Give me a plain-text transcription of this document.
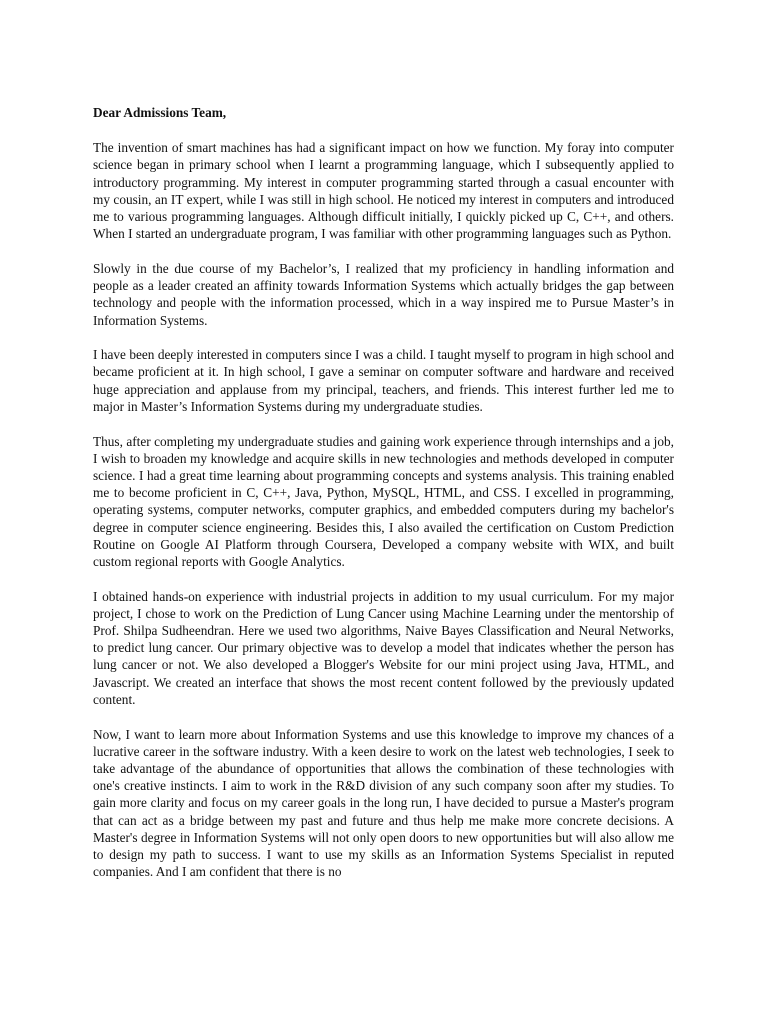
Dear Admissions Team,

The invention of smart machines has had a significant impact on how we function. My foray into computer science began in primary school when I learnt a programming language, which I subsequently applied to introductory programming. My interest in computer programming started through a casual encounter with my cousin, an IT expert, while I was still in high school. He noticed my interest in computers and introduced me to various programming languages. Although difficult initially, I quickly picked up C, C++, and others. When I started an undergraduate program, I was familiar with other programming languages such as Python.

Slowly in the due course of my Bachelor’s, I realized that my proficiency in handling information and people as a leader created an affinity towards Information Systems which actually bridges the gap between technology and people with the information processed, which in a way inspired me to Pursue Master’s in Information Systems.

I have been deeply interested in computers since I was a child. I taught myself to program in high school and became proficient at it. In high school, I gave a seminar on computer software and hardware and received huge appreciation and applause from my principal, teachers, and friends. This interest further led me to major in Master’s Information Systems during my undergraduate studies.

Thus, after completing my undergraduate studies and gaining work experience through internships and a job, I wish to broaden my knowledge and acquire skills in new technologies and methods developed in computer science. I had a great time learning about programming concepts and systems analysis. This training enabled me to become proficient in C, C++, Java, Python, MySQL, HTML, and CSS. I excelled in programming, operating systems, computer networks, computer graphics, and embedded computers during my bachelor's degree in computer science engineering. Besides this, I also availed the certification on Custom Prediction Routine on Google AI Platform through Coursera, Developed a company website with WIX, and built custom regional reports with Google Analytics.

I obtained hands-on experience with industrial projects in addition to my usual curriculum. For my major project, I chose to work on the Prediction of Lung Cancer using Machine Learning under the mentorship of Prof. Shilpa Sudheendran. Here we used two algorithms, Naive Bayes Classification and Neural Networks, to predict lung cancer. Our primary objective was to develop a model that indicates whether the person has lung cancer or not. We also developed a Blogger's Website for our mini project using Java, HTML, and Javascript. We created an interface that shows the most recent content followed by the previously updated content.

Now, I want to learn more about Information Systems and use this knowledge to improve my chances of a lucrative career in the software industry. With a keen desire to work on the latest web technologies, I seek to take advantage of the abundance of opportunities that allows the combination of these technologies with one's creative instincts. I aim to work in the R&D division of any such company soon after my studies. To gain more clarity and focus on my career goals in the long run, I have decided to pursue a Master's program that can act as a bridge between my past and future and thus help me make more concrete decisions. A Master's degree in Information Systems will not only open doors to new opportunities but will also allow me to design my path to success. I want to use my skills as an Information Systems Specialist in reputed companies. And I am confident that there is no
